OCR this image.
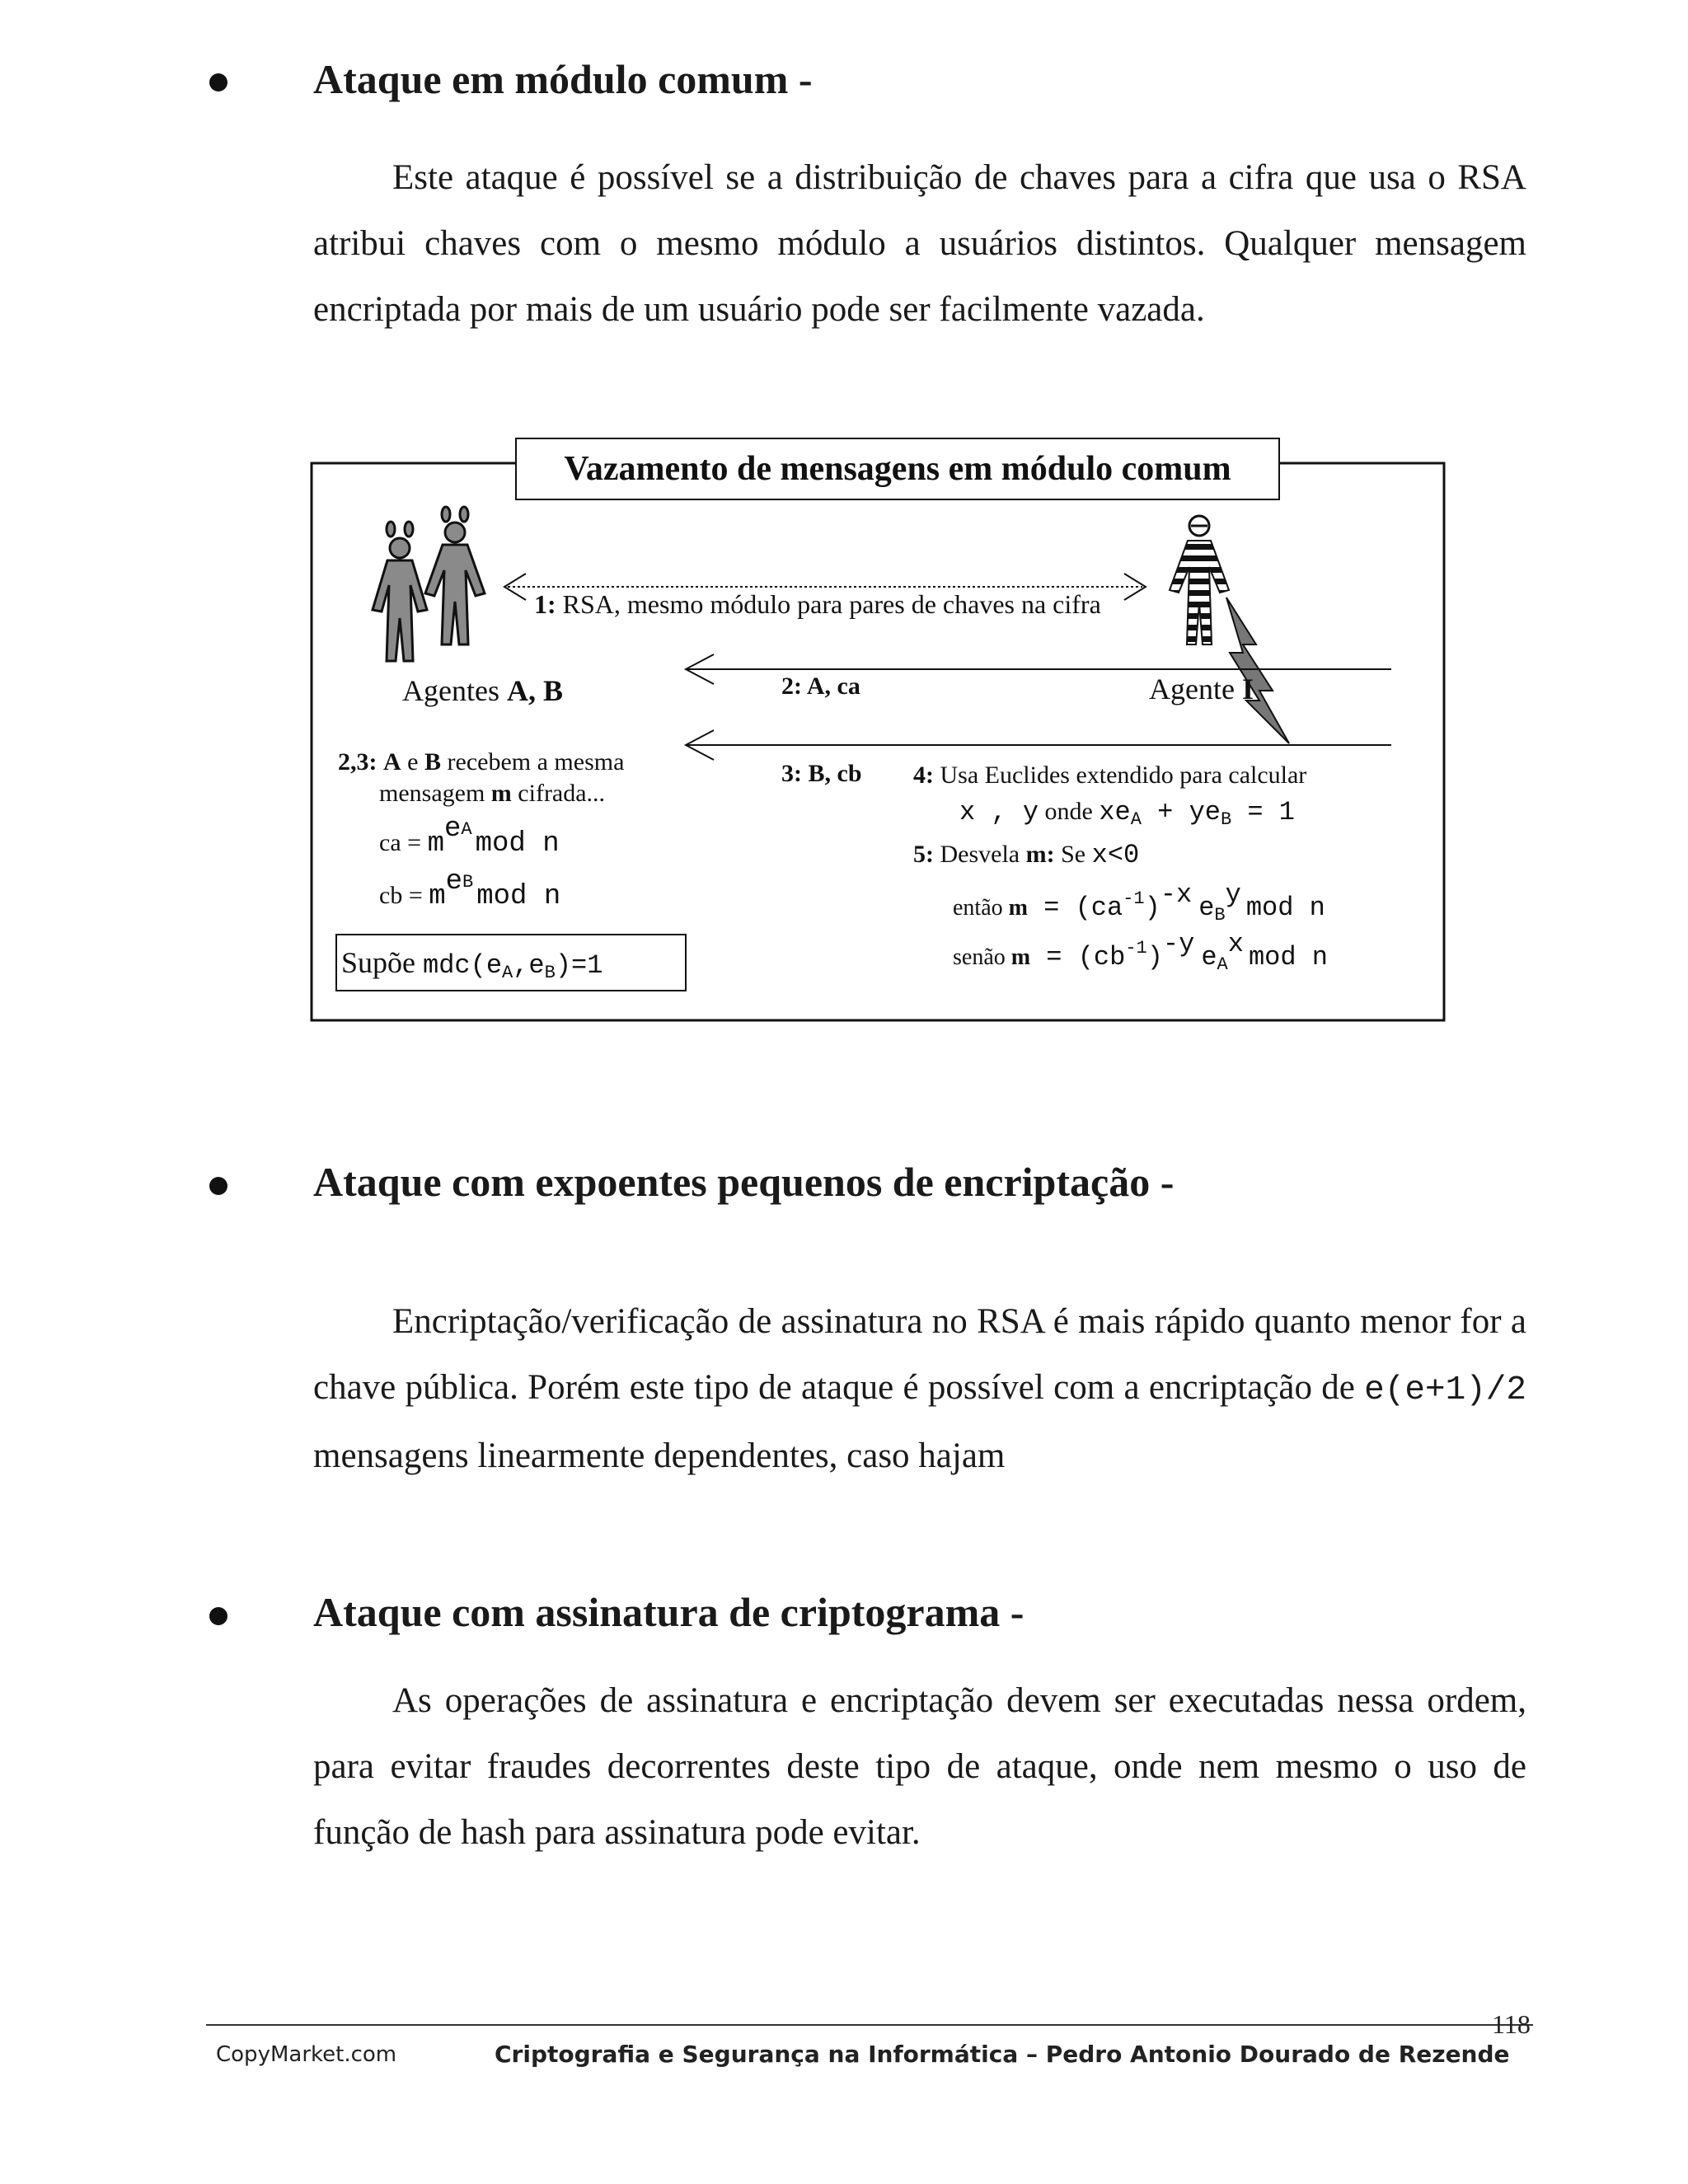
Ataque em módulo comum -
Este ataque é possível se a distribuição de chaves para a cifra que usa o RSA atribui chaves com o mesmo módulo a usuários distintos. Qualquer mensagem encriptada por mais de um usuário pode ser facilmente vazada.
Vazamento de mensagens em módulo comum
1: RSA, mesmo módulo para pares de chaves na cifra
Agentes A, B	Agente I
2: A, ca
3: B, cb
2,3: A e B recebem a mesma
mensagem m cifrada...
ca = meA mod n
cb = meB mod n
Supõe mdc(eA,eB)=1
4: Usa Euclides extendido para calcular
x , y onde xeA + yeB = 1
5: Desvela m: Se x<0
então m = (ca-1)-x eBy mod n
senão m = (cb-1)-y eAx mod n
Ataque com expoentes pequenos de encriptação -
Encriptação/verificação de assinatura no RSA é mais rápido quanto menor for a chave pública. Porém este tipo de ataque é possível com a encriptação de e(e+1)/2 mensagens linearmente dependentes, caso hajam
Ataque com assinatura de criptograma -
As operações de assinatura e encriptação devem ser executadas nessa ordem, para evitar fraudes decorrentes deste tipo de ataque, onde nem mesmo o uso de função de hash para assinatura pode evitar.
118
CopyMarket.com	Criptografia e Segurança na Informática – Pedro Antonio Dourado de Rezende
